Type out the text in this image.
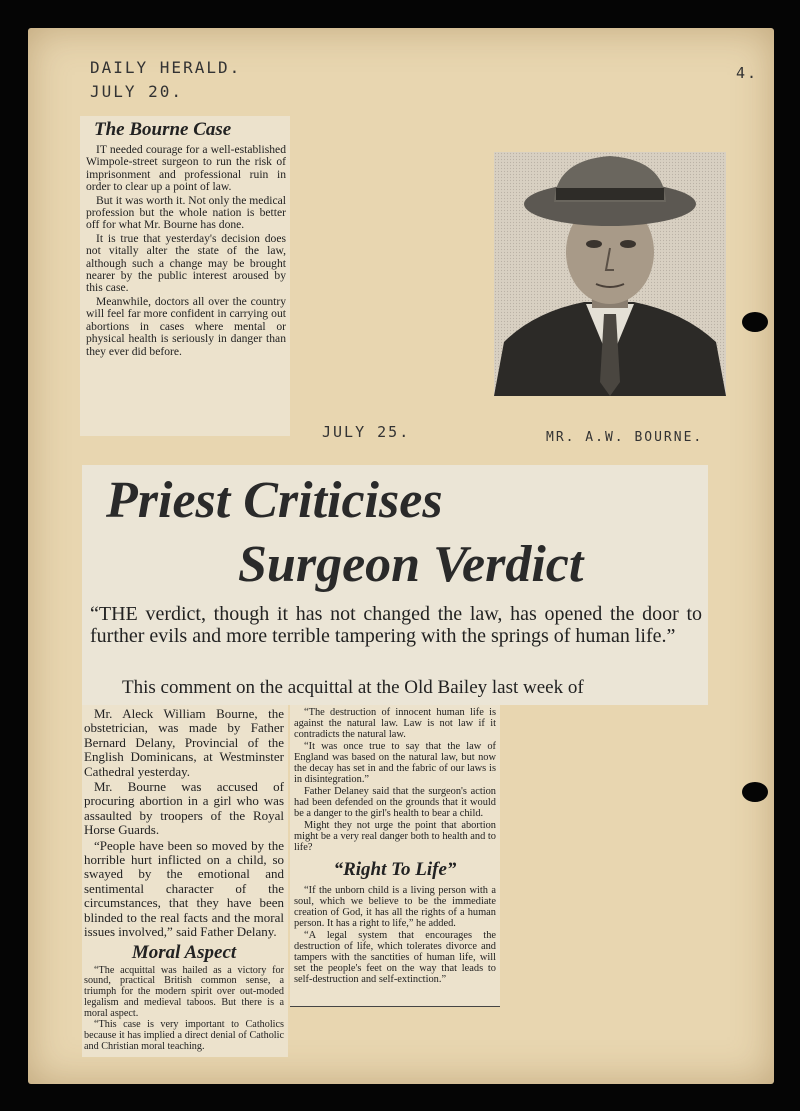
DAILY HERALD.
JULY 20.
4.
JULY 25.	MR. A.W. BOURNE.
The Bourne Case

IT needed courage for a well-established Wimpole-street surgeon to run the risk of imprisonment and professional ruin in order to clear up a point of law.

But it was worth it. Not only the medical profession but the whole nation is better off for what Mr. Bourne has done.

It is true that yesterday's decision does not vitally alter the state of the law, although such a change may be brought nearer by the public interest aroused by this case.

Meanwhile, doctors all over the country will feel far more confident in carrying out abortions in cases where mental or physical health is seriously in danger than they ever did before.

Priest Criticises
Surgeon Verdict
“THE verdict, though it has not changed the law, has opened the door to further evils and more terrible tampering with the springs of human life.”
This comment on the acquittal at the Old Bailey last week of

Mr. Aleck William Bourne, the obstetrician, was made by Father Bernard Delany, Provincial of the English Dominicans, at Westminster Cathedral yesterday.

Mr. Bourne was accused of procuring abortion in a girl who was assaulted by troopers of the Royal Horse Guards.

“People have been so moved by the horrible hurt inflicted on a child, so swayed by the emotional and sentimental character of the circumstances, that they have been blinded to the real facts and the moral issues involved,” said Father Delany.

Moral Aspect

“The acquittal was hailed as a victory for sound, practical British common sense, a triumph for the modern spirit over out-moded legalism and medieval taboos. But there is a moral aspect.

“This case is very important to Catholics because it has implied a direct denial of Catholic and Christian moral teaching.

“The destruction of innocent human life is against the natural law. Law is not law if it contradicts the natural law.

“It was once true to say that the law of England was based on the natural law, but now the decay has set in and the fabric of our laws is in disintegration.”

Father Delaney said that the surgeon's action had been defended on the grounds that it would be a danger to the girl's health to bear a child.

Might they not urge the point that abortion might be a very real danger both to health and to life?

“Right To Life”

“If the unborn child is a living person with a soul, which we believe to be the immediate creation of God, it has all the rights of a human person. It has a right to life,” he added.

“A legal system that encourages the destruction of life, which tolerates divorce and tampers with the sanctities of human life, will set the people's feet on the way that leads to self-destruction and self-extinction.”
